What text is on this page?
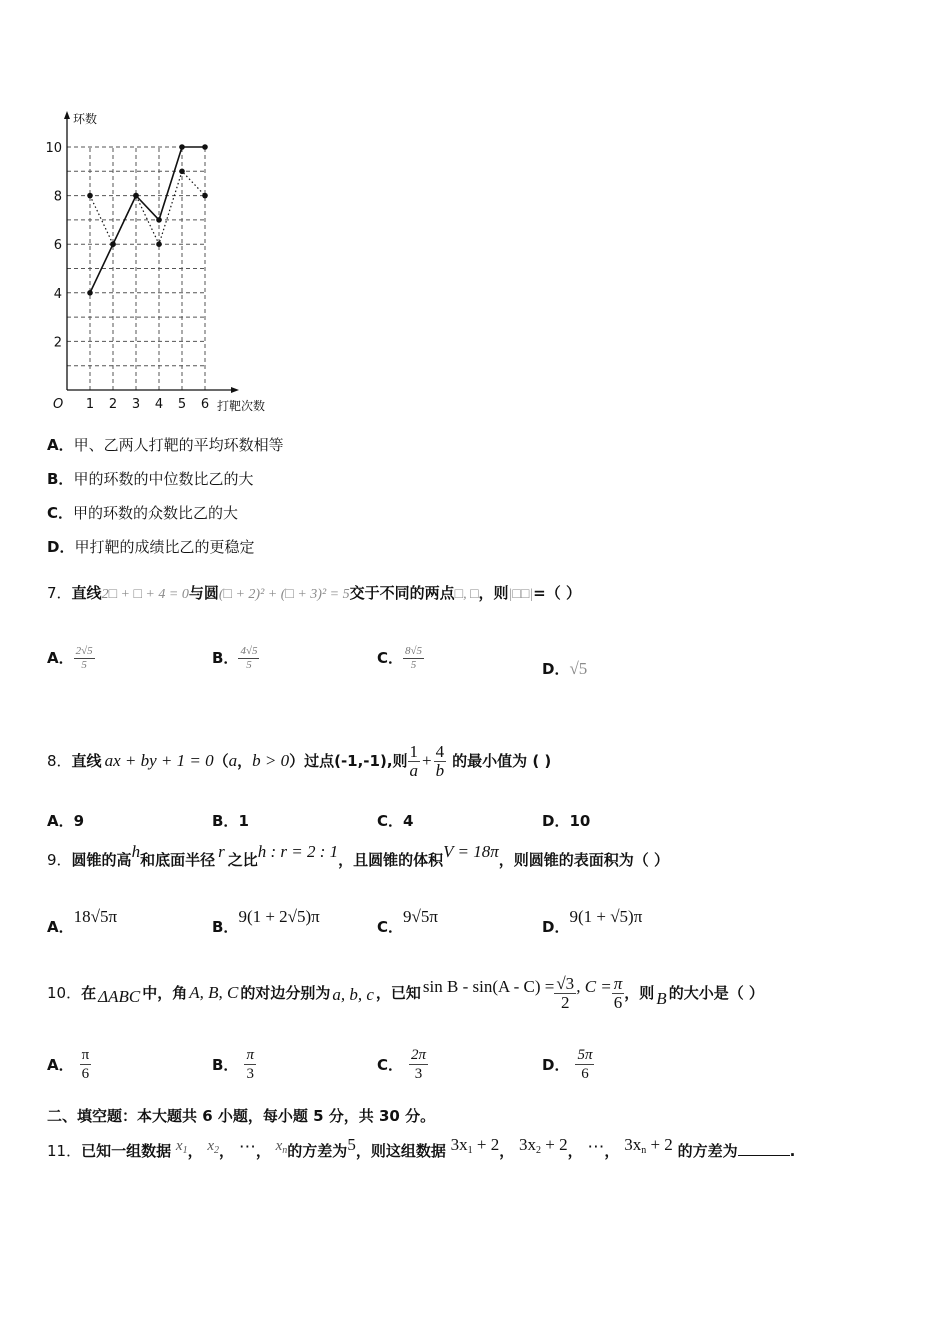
环数
打靶次数
O 1 2 3 4 5 6
2
4
6
8
10
A．甲、乙两人打靶的平均环数相等
B．甲的环数的中位数比乙的大
C．甲的环数的众数比乙的大
D．甲打靶的成绩比乙的更稳定
7．直线2□ + □ + 4 = 0与圆(□ + 2)² + (□ + 3)² = 5交于不同的两点□, □，则|□□|=（ ）
A． $\frac{2√5}{5}$	B． $\frac{4√5}{5}$	C． $\frac{8√5}{5}$	D．√5
8． 直线 ax + by + 1 = 0 （ a ， b > 0 ）过点(-1,-1),则 $\frac{1}{a} + \frac{4}{b}$ 的最小值为 ( )
A．9	B．1	C．4	D．10
9．圆锥的高h和底面半径 r 之比h : r = 2 : 1，且圆锥的体积V = 18π，则圆锥的表面积为（ ）
A．18√5π
B．9(1 + 2√5)π
C．9√5π
D．9(1 + √5)π
10． 在 ΔABC 中，角 A, B, C 的对边分别为 a, b, c ，已知 $\sin B - \sin(A - C) = \frac{√3}{2}$ , $C = \frac{\pi}{6}$ ，则 B 的大小是（ ）
A． $\frac{\pi}{6}$	B． $\frac{\pi}{3}$	C． $\frac{2\pi}{3}$	D． $\frac{5\pi}{6}$
二、填空题：本大题共 6 小题，每小题 5 分，共 30 分。
11．已知一组数据 $x_1$， $x_2$， ⋯， $x_n$的方差为5，则这组数据 $3x_1 + 2$， $3x_2 + 2$， ⋯， $3x_n + 2$ 的方差为	.
